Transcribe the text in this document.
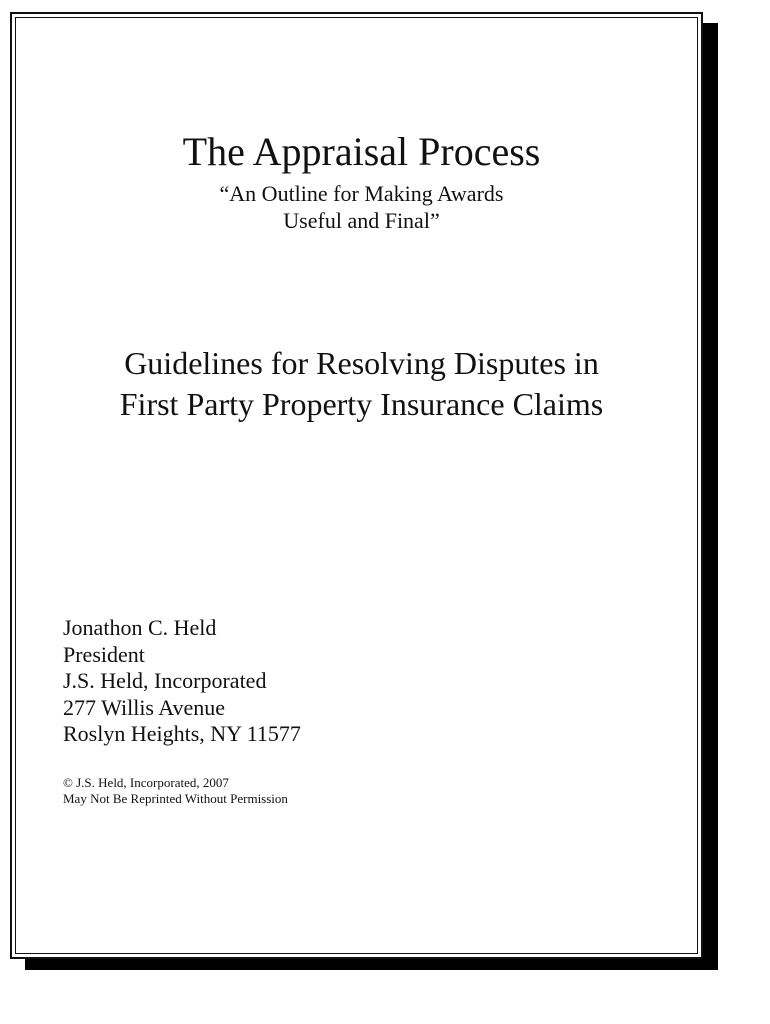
The Appraisal Process

“An Outline for Making Awards

Useful and Final”

Guidelines for Resolving Disputes in
First Party Property Insurance Claims
Jonathon C. Held
President
J.S. Held, Incorporated
277 Willis Avenue
Roslyn Heights, NY 11577
© J.S. Held, Incorporated, 2007
May Not Be Reprinted Without Permission
